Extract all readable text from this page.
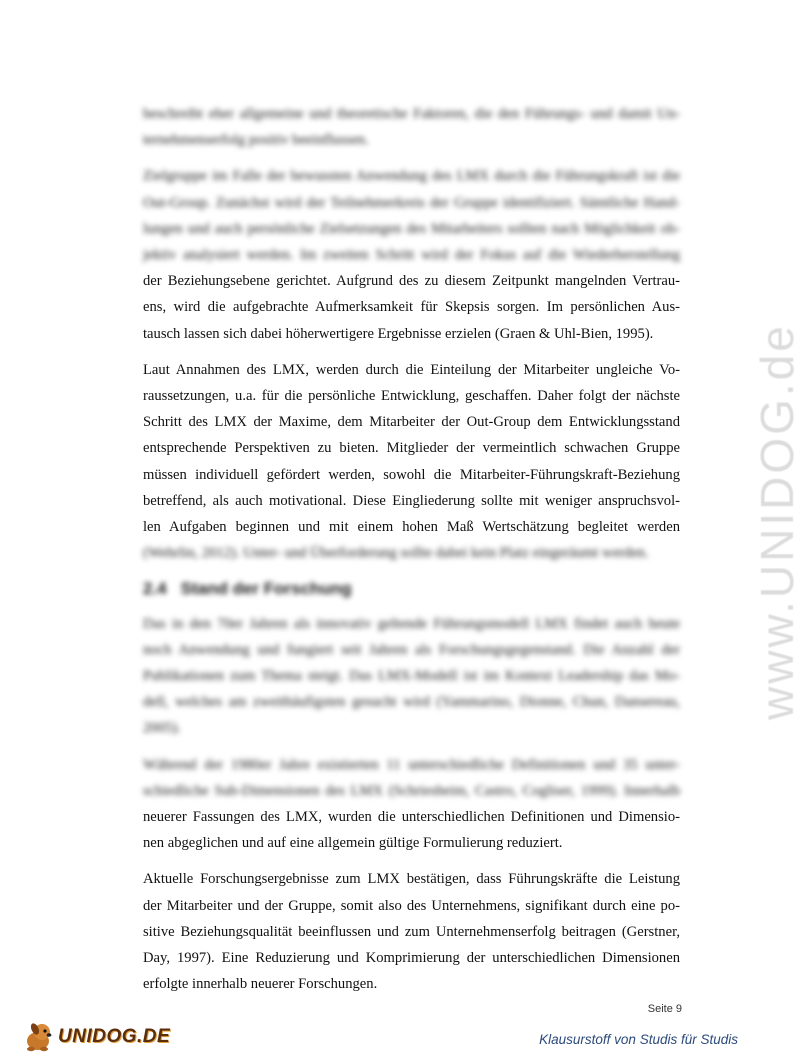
beschreibt eher allgemeine und theoretische Faktoren, die den Führungs- und damit Un-
ternehmenserfolg positiv beeinflussen.
Zielgruppe im Falle der bewussten Anwendung des LMX durch die Führungskraft ist die
Out-Group. Zunächst wird der Teilnehmerkreis der Gruppe identifiziert. Sämtliche Hand-
lungen und auch persönliche Zielsetzungen des Mitarbeiters sollten nach Möglichkeit ob-
jektiv analysiert werden. Im zweiten Schritt wird der Fokus auf die Wiederherstellung
der Beziehungsebene gerichtet. Aufgrund des zu diesem Zeitpunkt mangelnden Vertrau-
ens, wird die aufgebrachte Aufmerksamkeit für Skepsis sorgen. Im persönlichen Aus-
tausch lassen sich dabei höherwertigere Ergebnisse erzielen (Graen & Uhl-Bien, 1995).
Laut Annahmen des LMX, werden durch die Einteilung der Mitarbeiter ungleiche Vo-
raussetzungen, u.a. für die persönliche Entwicklung, geschaffen. Daher folgt der nächste
Schritt des LMX der Maxime, dem Mitarbeiter der Out-Group dem Entwicklungsstand
entsprechende Perspektiven zu bieten. Mitglieder der vermeintlich schwachen Gruppe
müssen individuell gefördert werden, sowohl die Mitarbeiter-Führungskraft-Beziehung
betreffend, als auch motivational. Diese Eingliederung sollte mit weniger anspruchsvol-
len Aufgaben beginnen und mit einem hohen Maß Wertschätzung begleitet werden
(Wehrlin, 2012). Unter- und Überforderung sollte dabei kein Platz eingeräumt werden.
2.4 Stand der Forschung
Das in den 70er Jahren als innovativ geltende Führungsmodell LMX findet auch heute
noch Anwendung und fungiert seit Jahren als Forschungsgegenstand. Die Anzahl der
Publikationen zum Thema steigt. Das LMX-Modell ist im Kontext Leadership das Mo-
dell, welches am zweithäufigsten gesucht wird (Yammarino, Dionne, Chun, Dansereau,
2005).
Während der 1980er Jahre existierten 11 unterschiedliche Definitionen und 35 unter-
schiedliche Sub-Dimensionen des LMX (Schriesheim, Castro, Cogliser, 1999). Innerhalb
neuerer Fassungen des LMX, wurden die unterschiedlichen Definitionen und Dimensio-
nen abgeglichen und auf eine allgemein gültige Formulierung reduziert.
Aktuelle Forschungsergebnisse zum LMX bestätigen, dass Führungskräfte die Leistung
der Mitarbeiter und der Gruppe, somit also des Unternehmens, signifikant durch eine po-
sitive Beziehungsqualität beeinflussen und zum Unternehmenserfolg beitragen (Gerstner,
Day, 1997). Eine Reduzierung und Komprimierung der unterschiedlichen Dimensionen
erfolgte innerhalb neuerer Forschungen.
www.UNIDOG.de
Seite 9
UNIDOG.DE	Klausurstoff von Studis für Studis
